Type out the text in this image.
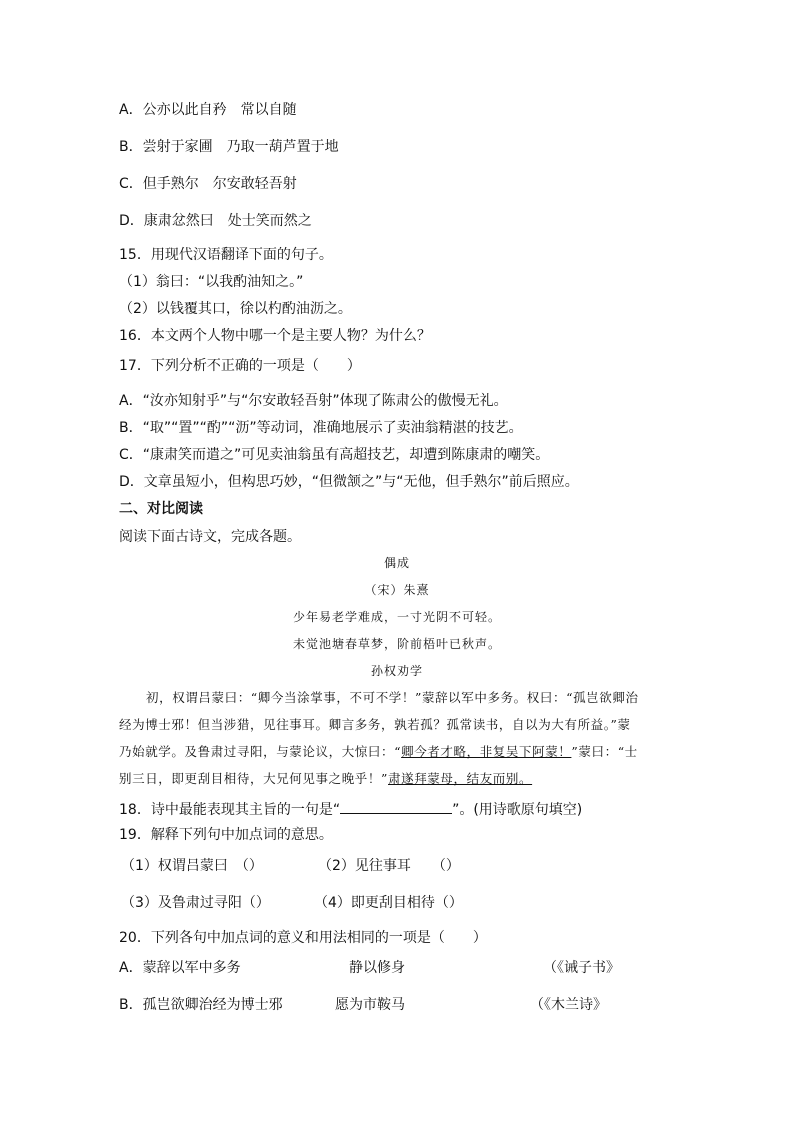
A．公亦以此自矜　常以自随
B．尝射于家圃　乃取一葫芦置于地
C．但手熟尔　尔安敢轻吾射
D．康肃忿然曰　处士笑而然之
15．用现代汉语翻译下面的句子。
（1）翁曰：“以我酌油知之。”
（2）以钱覆其口，徐以杓酌油沥之。
16．本文两个人物中哪一个是主要人物？为什么？
17．下列分析不正确的一项是（　　）
A．“汝亦知射乎”与“尔安敢轻吾射”体现了陈肃公的傲慢无礼。
B．“取”“置”“酌”“沥”等动词，准确地展示了卖油翁精湛的技艺。
C．“康肃笑而遣之”可见卖油翁虽有高超技艺，却遭到陈康肃的嘲笑。
D．文章虽短小，但构思巧妙，“但微颔之”与“无他，但手熟尔”前后照应。
二、对比阅读
阅读下面古诗文，完成各题。
偶成
（宋）朱熹
少年易老学难成，一寸光阴不可轻。
未觉池塘春草梦，阶前梧叶已秋声。
孙权劝学
初，权谓吕蒙曰：“卿今当涂掌事，不可不学！”蒙辞以军中多务。权曰：“孤岂欲卿治
经为博士邪！但当涉猎，见往事耳。卿言多务，孰若孤？孤常读书，自以为大有所益。”蒙
乃始就学。及鲁肃过寻阳，与蒙论议，大惊曰：“卿今者才略，非复吴下阿蒙！”蒙曰：“士
别三日，即更刮目相待，大兄何见事之晚乎！”肃遂拜蒙母，结友而别。
18．诗中最能表现其主旨的一句是“	”。(用诗歌原句填空)
19．解释下列句中加点词的意思。
（1）权谓吕蒙曰　（）	（2）见往事耳　　（）
（3）及鲁肃过寻阳（）	（4）即更刮目相待（）
20．下列各句中加点词的意义和用法相同的一项是（　　）
A．蒙辞以军中多务	静以修身	（《诫子书》
B．孤岂欲卿治经为博士邪	愿为市鞍马	（《木兰诗》
